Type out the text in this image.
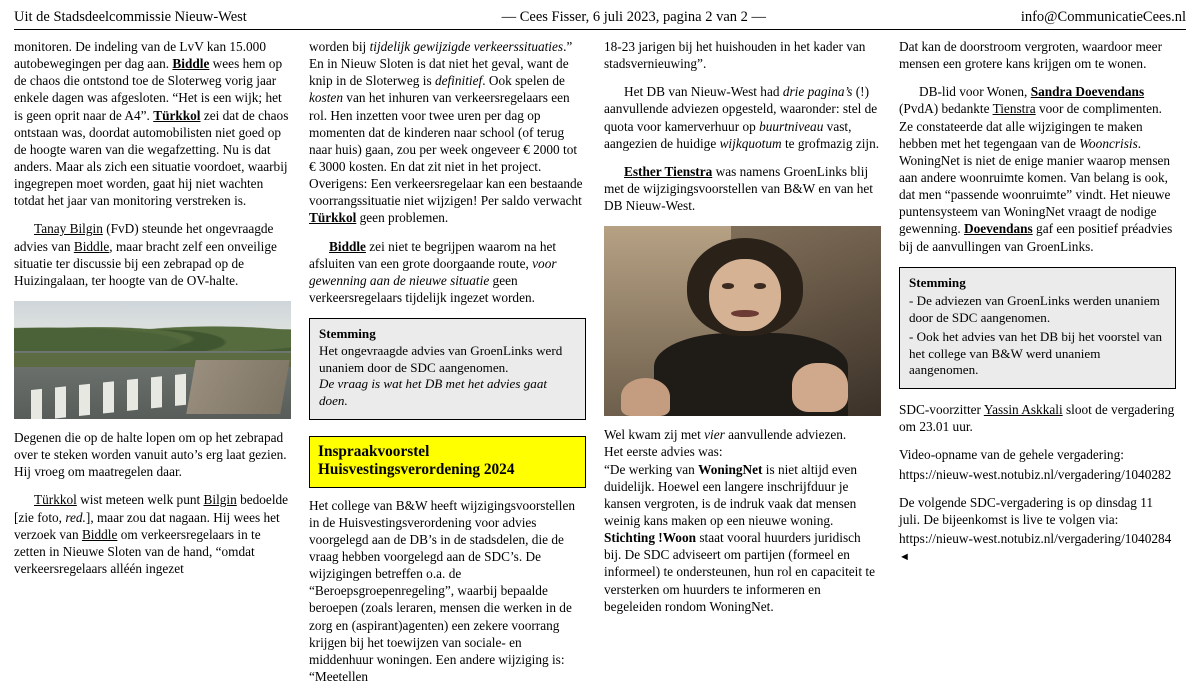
Uit de Stadsdeelcommissie Nieuw-West	— Cees Fisser, 6 juli 2023, pagina 2 van 2 —	info@CommunicatieCees.nl

monitoren. De indeling van de LvV kan 15.000 autobewegingen per dag aan. Biddle wees hem op de chaos die ontstond toe de Sloterweg vorig jaar enkele dagen was afgesloten. “Het is een wijk; het is geen oprit naar de A4”. Türkkol zei dat de chaos ontstaan was, doordat automobilisten niet goed op de hoogte waren van die wegafzetting. Nu is dat anders. Maar als zich een situatie voordoet, waarbij ingegrepen moet worden, gaat hij niet wachten totdat het jaar van monitoring verstreken is.

Tanay Bilgin (FvD) steunde het ongevraagde advies van Biddle, maar bracht zelf een onveilige situatie ter discussie bij een zebrapad op de Huizingalaan, ter hoogte van de OV-halte.

Degenen die op de halte lopen om op het zebrapad over te steken worden vanuit auto’s erg laat gezien. Hij vroeg om maatregelen daar.

Türkkol wist meteen welk punt Bilgin bedoelde [zie foto, red.], maar zou dat nagaan. Hij wees het verzoek van Biddle om verkeersregelaars in te zetten in Nieuwe Sloten van de hand, “omdat verkeersregelaars alléén ingezet

worden bij tijdelijk gewijzigde verkeerssituaties.” En in Nieuw Sloten is dat niet het geval, want de knip in de Sloterweg is definitief. Ook spelen de kosten van het inhuren van verkeersregelaars een rol. Hen inzetten voor twee uren per dag op momenten dat de kinderen naar school (of terug naar huis) gaan, zou per week ongeveer € 2000 tot € 3000 kosten. En dat zit niet in het project. Overigens: Een verkeersregelaar kan een bestaande voorrangssituatie niet wijzigen! Per saldo verwacht Türkkol geen problemen.

Biddle zei niet te begrijpen waarom na het afsluiten van een grote doorgaande route, voor gewenning aan de nieuwe situatie geen verkeersregelaars tijdelijk ingezet worden.

Stemming
Het ongevraagde advies van GroenLinks werd unaniem door de SDC aangenomen.
De vraag is wat het DB met het advies gaat doen.
Inspraakvoorstel
Huisvestingsverordening 2024

Het college van B&W heeft wijzigingsvoorstellen in de Huisvestingsverordening voor advies voorgelegd aan de DB’s in de stadsdelen, die de vraag hebben voorgelegd aan de SDC’s. De wijzigingen betreffen o.a. de “Beroepsgroepenregeling”, waarbij bepaalde beroepen (zoals leraren, mensen die werken in de zorg en (aspirant)agenten) een zekere voorrang krijgen bij het toewijzen van sociale- en middenhuur woningen. Een andere wijziging is: “Meetellen

18-23 jarigen bij het huishouden in het kader van stadsvernieuwing”.

Het DB van Nieuw-West had drie pagina’s (!) aanvullende adviezen opgesteld, waaronder: stel de quota voor kamerverhuur op buurtniveau vast, aangezien de huidige wijkquotum te grofmazig zijn.

Esther Tienstra was namens GroenLinks blij met de wijzigingsvoorstellen van B&W en van het DB Nieuw-West.

Wel kwam zij met vier aanvullende adviezen.

Het eerste advies was:

“De werking van WoningNet is niet altijd even duidelijk. Hoewel een langere inschrijfduur je kansen vergroten, is de indruk vaak dat mensen weinig kans maken op een nieuwe woning.

Stichting !Woon staat vooral huurders juridisch bij. De SDC adviseert om partijen (formeel en informeel) te ondersteunen, hun rol en capaciteit te versterken om huurders te informeren en begeleiden rondom WoningNet.

Dat kan de doorstroom vergroten, waardoor meer mensen een grotere kans krijgen om te wonen.

DB-lid voor Wonen, Sandra Doevendans (PvdA) bedankte Tienstra voor de complimenten. Ze constateerde dat alle wijzigingen te maken hebben met het tegengaan van de Wooncrisis. WoningNet is niet de enige manier waarop mensen aan andere woonruimte komen. Van belang is ook, dat men “passende woonruimte” vindt. Het nieuwe puntensysteem van WoningNet vraagt de nodige gewenning. Doevendans gaf een positief préadvies bij de aanvullingen van GroenLinks.

Stemming
- De adviezen van GroenLinks werden unaniem door de SDC aangenomen.
- Ook het advies van het DB bij het voorstel van het college van B&W werd unaniem aangenomen.

SDC-voorzitter Yassin Askkali sloot de vergadering om 23.01 uur.

Video-opname van de gehele vergadering:

https://nieuw-west.notubiz.nl/vergadering/1040282

De volgende SDC-vergadering is op dinsdag 11 juli. De bijeenkomst is live te volgen via:

https://nieuw-west.notubiz.nl/vergadering/1040284◄
